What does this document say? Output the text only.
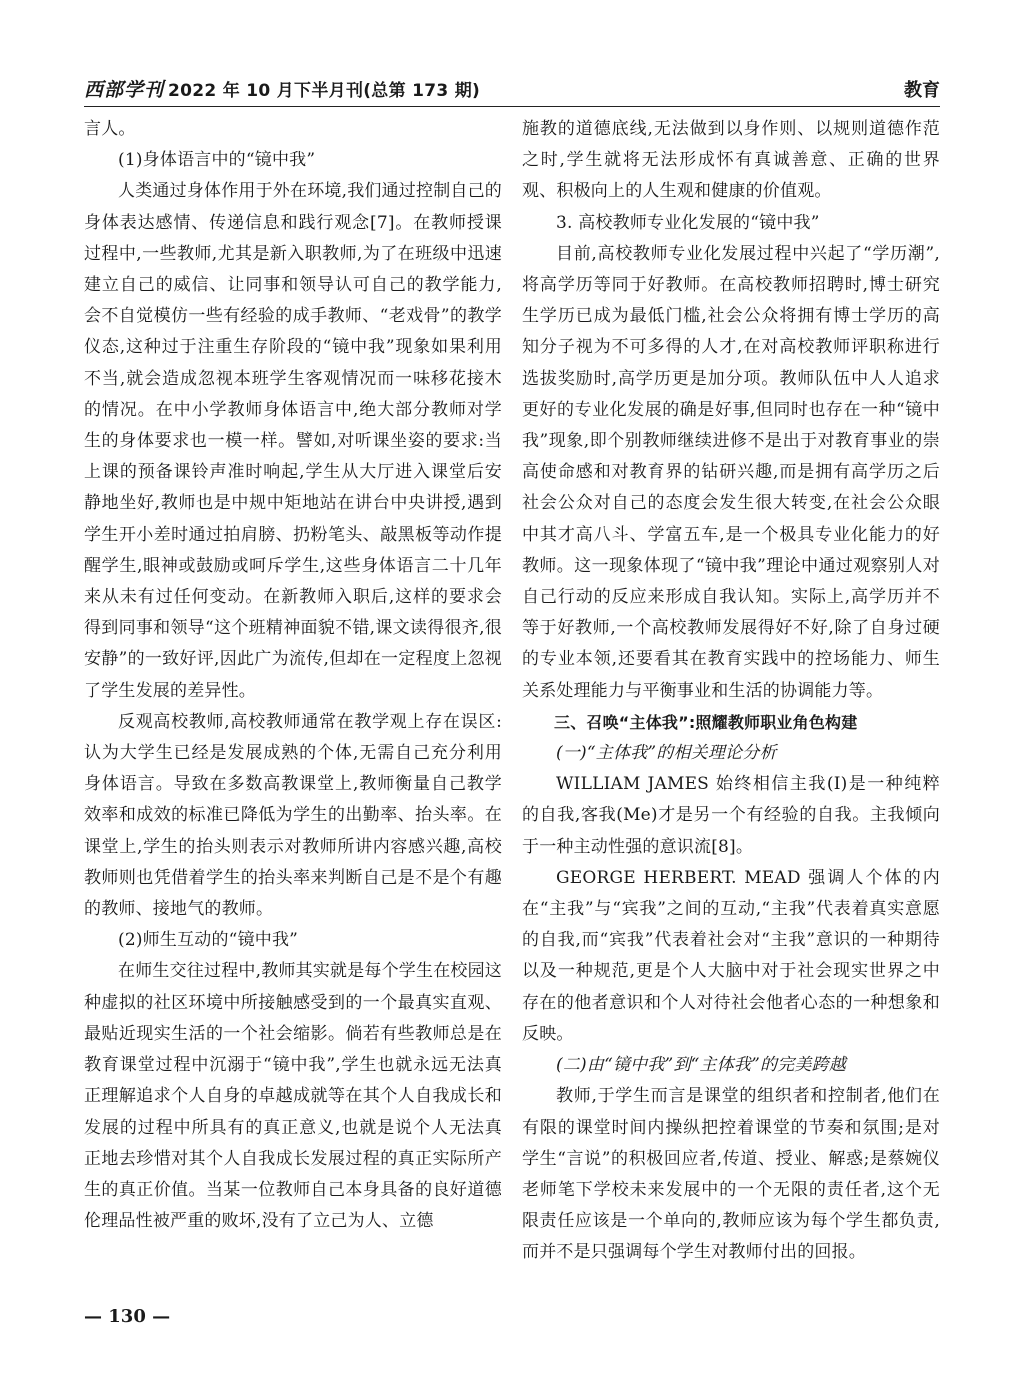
西部学刊 2022 年 10 月下半月刊(总第 173 期)	教育

言人。

(1)身体语言中的“镜中我”

人类通过身体作用于外在环境,我们通过控制自己的身体表达感情、传递信息和践行观念[7]。在教师授课过程中,一些教师,尤其是新入职教师,为了在班级中迅速建立自己的威信、让同事和领导认可自己的教学能力,会不自觉模仿一些有经验的成手教师、“老戏骨”的教学仪态,这种过于注重生存阶段的“镜中我”现象如果利用不当,就会造成忽视本班学生客观情况而一味移花接木的情况。在中小学教师身体语言中,绝大部分教师对学生的身体要求也一模一样。譬如,对听课坐姿的要求:当上课的预备课铃声准时响起,学生从大厅进入课堂后安静地坐好,教师也是中规中矩地站在讲台中央讲授,遇到学生开小差时通过拍肩膀、扔粉笔头、敲黑板等动作提醒学生,眼神或鼓励或呵斥学生,这些身体语言二十几年来从未有过任何变动。在新教师入职后,这样的要求会得到同事和领导“这个班精神面貌不错,课文读得很齐,很安静”的一致好评,因此广为流传,但却在一定程度上忽视了学生发展的差异性。

反观高校教师,高校教师通常在教学观上存在误区:认为大学生已经是发展成熟的个体,无需自己充分利用身体语言。导致在多数高教课堂上,教师衡量自己教学效率和成效的标准已降低为学生的出勤率、抬头率。在课堂上,学生的抬头则表示对教师所讲内容感兴趣,高校教师则也凭借着学生的抬头率来判断自己是不是个有趣的教师、接地气的教师。

(2)师生互动的“镜中我”

在师生交往过程中,教师其实就是每个学生在校园这种虚拟的社区环境中所接触感受到的一个最真实直观、最贴近现实生活的一个社会缩影。倘若有些教师总是在教育课堂过程中沉溺于“镜中我”,学生也就永远无法真正理解追求个人自身的卓越成就等在其个人自我成长和发展的过程中所具有的真正意义,也就是说个人无法真正地去珍惜对其个人自我成长发展过程的真正实际所产生的真正价值。当某一位教师自己本身具备的良好道德伦理品性被严重的败坏,没有了立己为人、立德

施教的道德底线,无法做到以身作则、以规则道德作范之时,学生就将无法形成怀有真诚善意、正确的世界观、积极向上的人生观和健康的价值观。

3. 高校教师专业化发展的“镜中我”

目前,高校教师专业化发展过程中兴起了“学历潮”,将高学历等同于好教师。在高校教师招聘时,博士研究生学历已成为最低门槛,社会公众将拥有博士学历的高知分子视为不可多得的人才,在对高校教师评职称进行选拔奖励时,高学历更是加分项。教师队伍中人人追求更好的专业化发展的确是好事,但同时也存在一种“镜中我”现象,即个别教师继续进修不是出于对教育事业的崇高使命感和对教育界的钻研兴趣,而是拥有高学历之后社会公众对自己的态度会发生很大转变,在社会公众眼中其才高八斗、学富五车,是一个极具专业化能力的好教师。这一现象体现了“镜中我”理论中通过观察别人对自己行动的反应来形成自我认知。实际上,高学历并不等于好教师,一个高校教师发展得好不好,除了自身过硬的专业本领,还要看其在教育实践中的控场能力、师生关系处理能力与平衡事业和生活的协调能力等。

三、召唤“主体我”:照耀教师职业角色构建

(一)“主体我”的相关理论分析

WILLIAM JAMES 始终相信主我(I)是一种纯粹的自我,客我(Me)才是另一个有经验的自我。主我倾向于一种主动性强的意识流[8]。

GEORGE HERBERT. MEAD 强调人个体的内在“主我”与“宾我”之间的互动,“主我”代表着真实意愿的自我,而“宾我”代表着社会对“主我”意识的一种期待以及一种规范,更是个人大脑中对于社会现实世界之中存在的他者意识和个人对待社会他者心态的一种想象和反映。

(二)由“镜中我”到“主体我”的完美跨越

教师,于学生而言是课堂的组织者和控制者,他们在有限的课堂时间内操纵把控着课堂的节奏和氛围;是对学生“言说”的积极回应者,传道、授业、解惑;是蔡婉仪老师笔下学校未来发展中的一个无限的责任者,这个无限责任应该是一个单向的,教师应该为每个学生都负责,而并不是只强调每个学生对教师付出的回报。

— 130 —
